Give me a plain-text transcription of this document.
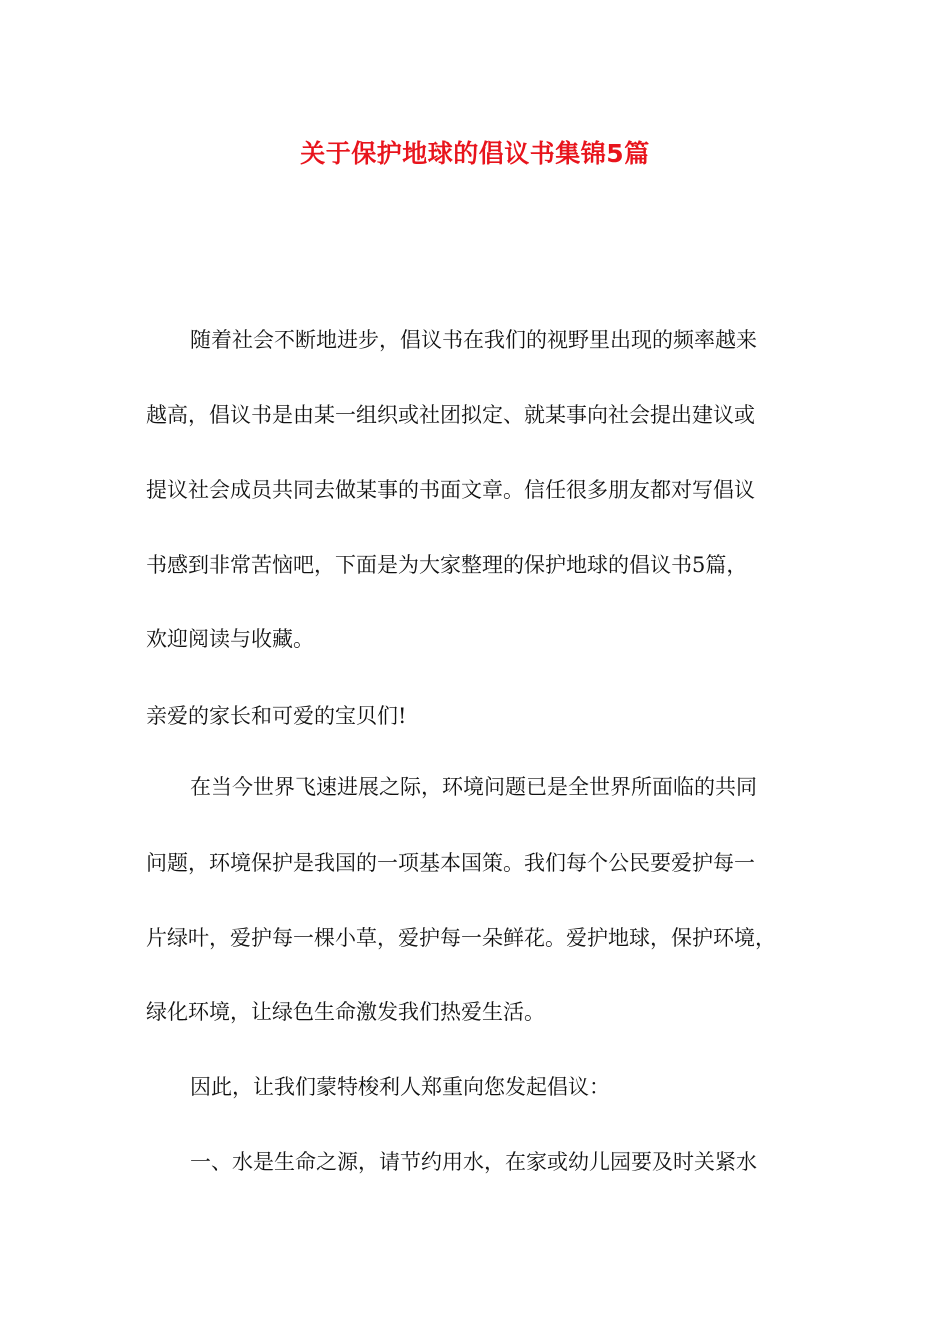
关于保护地球的倡议书集锦5篇
随着社会不断地进步，倡议书在我们的视野里出现的频率越来
越高，倡议书是由某一组织或社团拟定、就某事向社会提出建议或
提议社会成员共同去做某事的书面文章。信任很多朋友都对写倡议
书感到非常苦恼吧，下面是为大家整理的保护地球的倡议书5篇，
欢迎阅读与收藏。
亲爱的家长和可爱的宝贝们!
在当今世界飞速进展之际，环境问题已是全世界所面临的共同
问题，环境保护是我国的一项基本国策。我们每个公民要爱护每一
片绿叶，爱护每一棵小草，爱护每一朵鲜花。爱护地球，保护环境，
绿化环境，让绿色生命激发我们热爱生活。
因此，让我们蒙特梭利人郑重向您发起倡议：
一、水是生命之源，请节约用水，在家或幼儿园要及时关紧水
